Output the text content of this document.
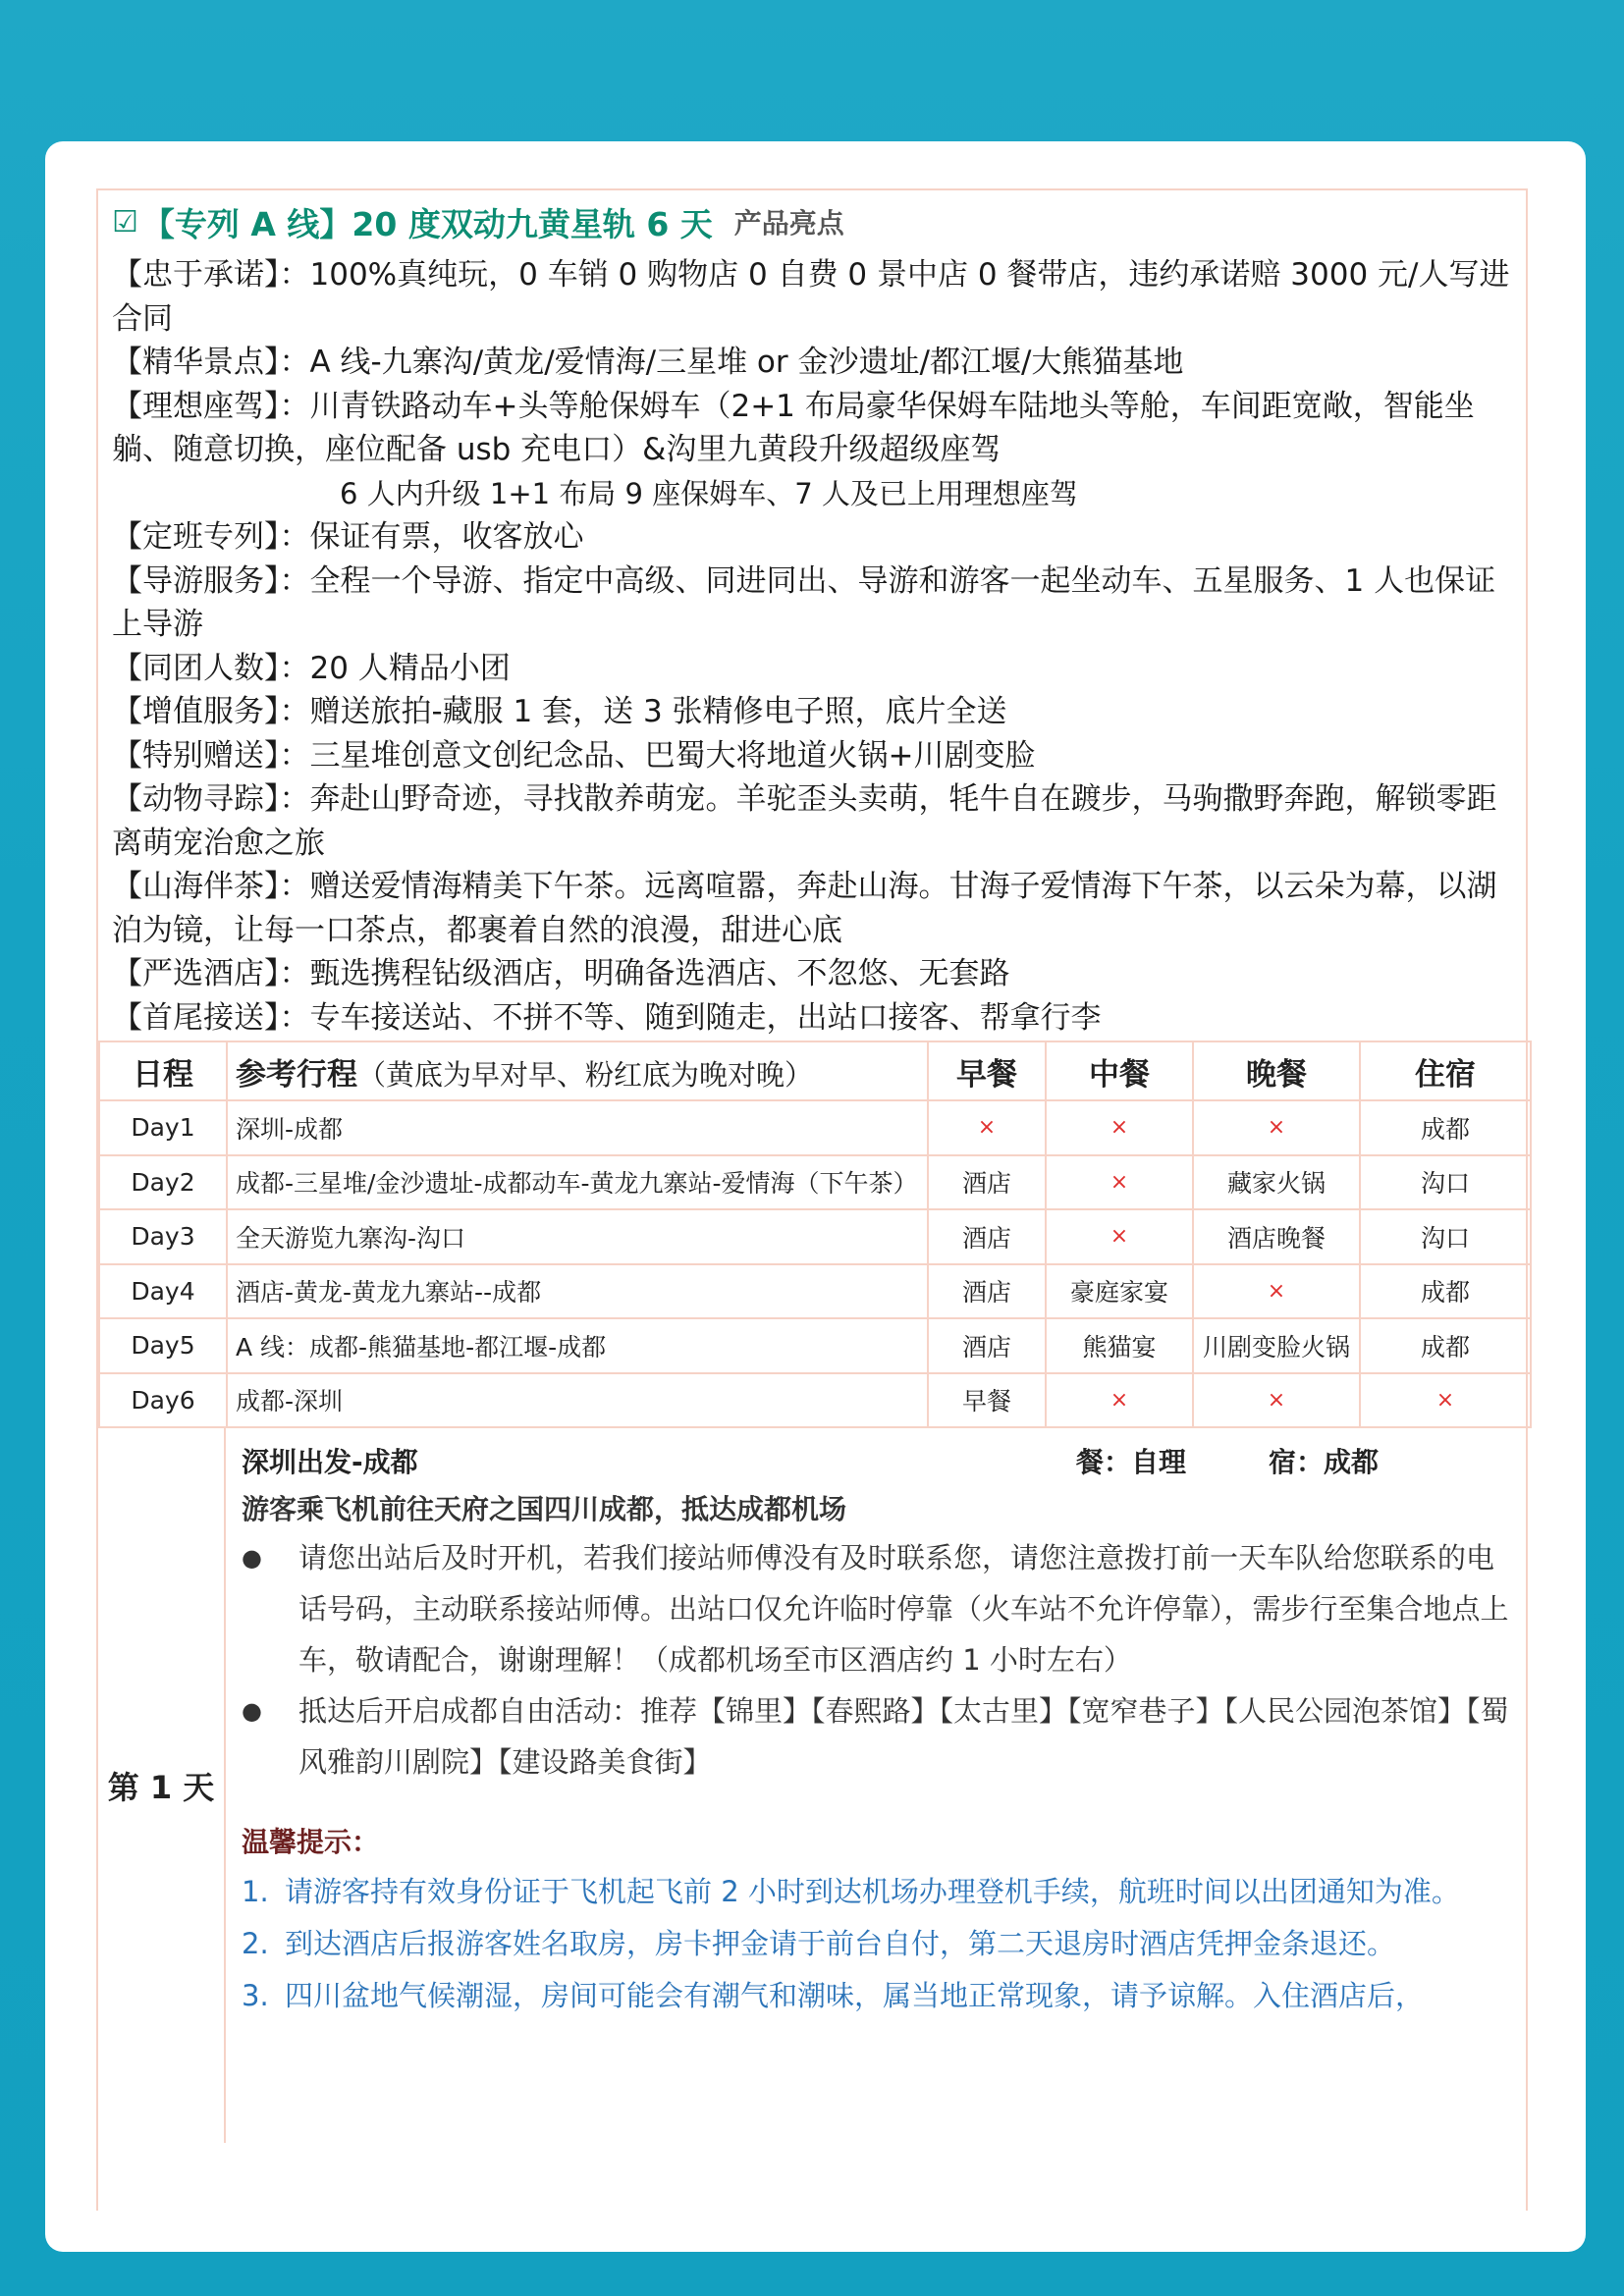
☑ 【专列 A 线】20 度双动九黄星轨 6 天 产品亮点
【忠于承诺】：100%真纯玩，0 车销 0 购物店 0 自费 0 景中店 0 餐带店，违约承诺赔 3000 元/人写进合同
【精华景点】：A 线-九寨沟/黄龙/爱情海/三星堆 or 金沙遗址/都江堰/大熊猫基地
【理想座驾】：川青铁路动车+头等舱保姆车（2+1 布局豪华保姆车陆地头等舱，车间距宽敞，智能坐躺、随意切换，座位配备 usb 充电口）&沟里九黄段升级超级座驾
6 人内升级 1+1 布局 9 座保姆车、7 人及已上用理想座驾
【定班专列】：保证有票，收客放心
【导游服务】：全程一个导游、指定中高级、同进同出、导游和游客一起坐动车、五星服务、1 人也保证上导游
【同团人数】：20 人精品小团
【增值服务】：赠送旅拍-藏服 1 套，送 3 张精修电子照，底片全送
【特别赠送】：三星堆创意文创纪念品、巴蜀大将地道火锅+川剧变脸
【动物寻踪】：奔赴山野奇迹，寻找散养萌宠。羊驼歪头卖萌，牦牛自在踱步，马驹撒野奔跑，解锁零距离萌宠治愈之旅
【山海伴茶】：赠送爱情海精美下午茶。远离喧嚣，奔赴山海。甘海子爱情海下午茶，以云朵为幕，以湖泊为镜，让每一口茶点，都裹着自然的浪漫，甜进心底
【严选酒店】：甄选携程钻级酒店，明确备选酒店、不忽悠、无套路
【首尾接送】：专车接送站、不拼不等、随到随走，出站口接客、帮拿行李
日程	参考行程（黄底为早对早、粉红底为晚对晚）	早餐	中餐	晚餐	住宿
Day1	深圳-成都	×	×	×	成都
Day2	成都-三星堆/金沙遗址-成都动车-黄龙九寨站-爱情海（下午茶）	酒店	×	藏家火锅	沟口
Day3	全天游览九寨沟-沟口	酒店	×	酒店晚餐	沟口
Day4	酒店-黄龙-黄龙九寨站--成都	酒店	豪庭家宴	×	成都
Day5	A 线：成都-熊猫基地-都江堰-成都	酒店	熊猫宴	川剧变脸火锅	成都
Day6	成都-深圳	早餐	×	×	×
第 1 天
深圳出发-成都	餐：自理	宿：成都
游客乘飞机前往天府之国四川成都，抵达成都机场
●	请您出站后及时开机，若我们接站师傅没有及时联系您，请您注意拨打前一天车队给您联系的电话号码，主动联系接站师傅。出站口仅允许临时停靠（火车站不允许停靠），需步行至集合地点上车，敬请配合，谢谢理解！（成都机场至市区酒店约 1 小时左右）
●	抵达后开启成都自由活动：推荐【锦里】【春熙路】【太古里】【宽窄巷子】【人民公园泡茶馆】【蜀风雅韵川剧院】【建设路美食街】
温馨提示：
1. 请游客持有效身份证于飞机起飞前 2 小时到达机场办理登机手续，航班时间以出团通知为准。
2. 到达酒店后报游客姓名取房，房卡押金请于前台自付，第二天退房时酒店凭押金条退还。
3. 四川盆地气候潮湿，房间可能会有潮气和潮味，属当地正常现象，请予谅解。入住酒店后，
